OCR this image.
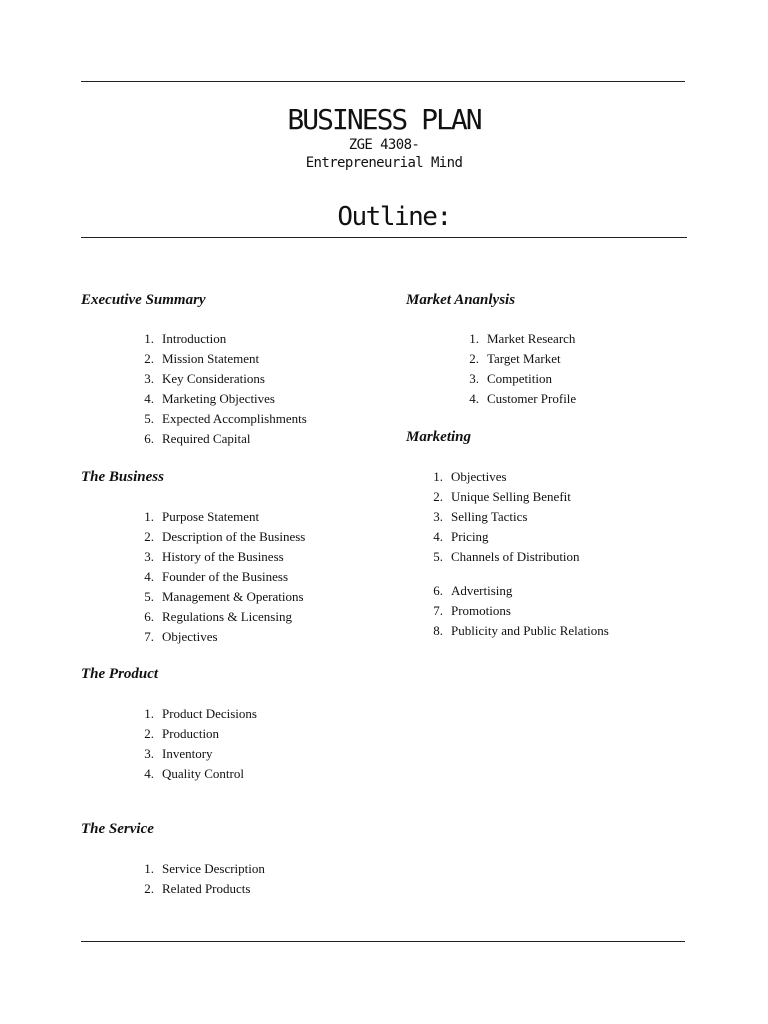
BUSINESS PLAN
ZGE 4308-
Entrepreneurial Mind
Outline:
Executive Summary
1. Introduction
2. Mission Statement
3. Key Considerations
4. Marketing Objectives
5. Expected Accomplishments
6. Required Capital
The Business
1. Purpose Statement
2. Description of the Business
3. History of the Business
4. Founder of the Business
5. Management & Operations
6. Regulations & Licensing
7. Objectives
The Product
1. Product Decisions
2. Production
3. Inventory
4. Quality Control
The Service
1. Service Description
2. Related Products
Market Ananlysis
1. Market Research
2. Target Market
3. Competition
4. Customer Profile
Marketing
1. Objectives
2. Unique Selling Benefit
3. Selling Tactics
4. Pricing
5. Channels of Distribution
6. Advertising
7. Promotions
8. Publicity and Public Relations
